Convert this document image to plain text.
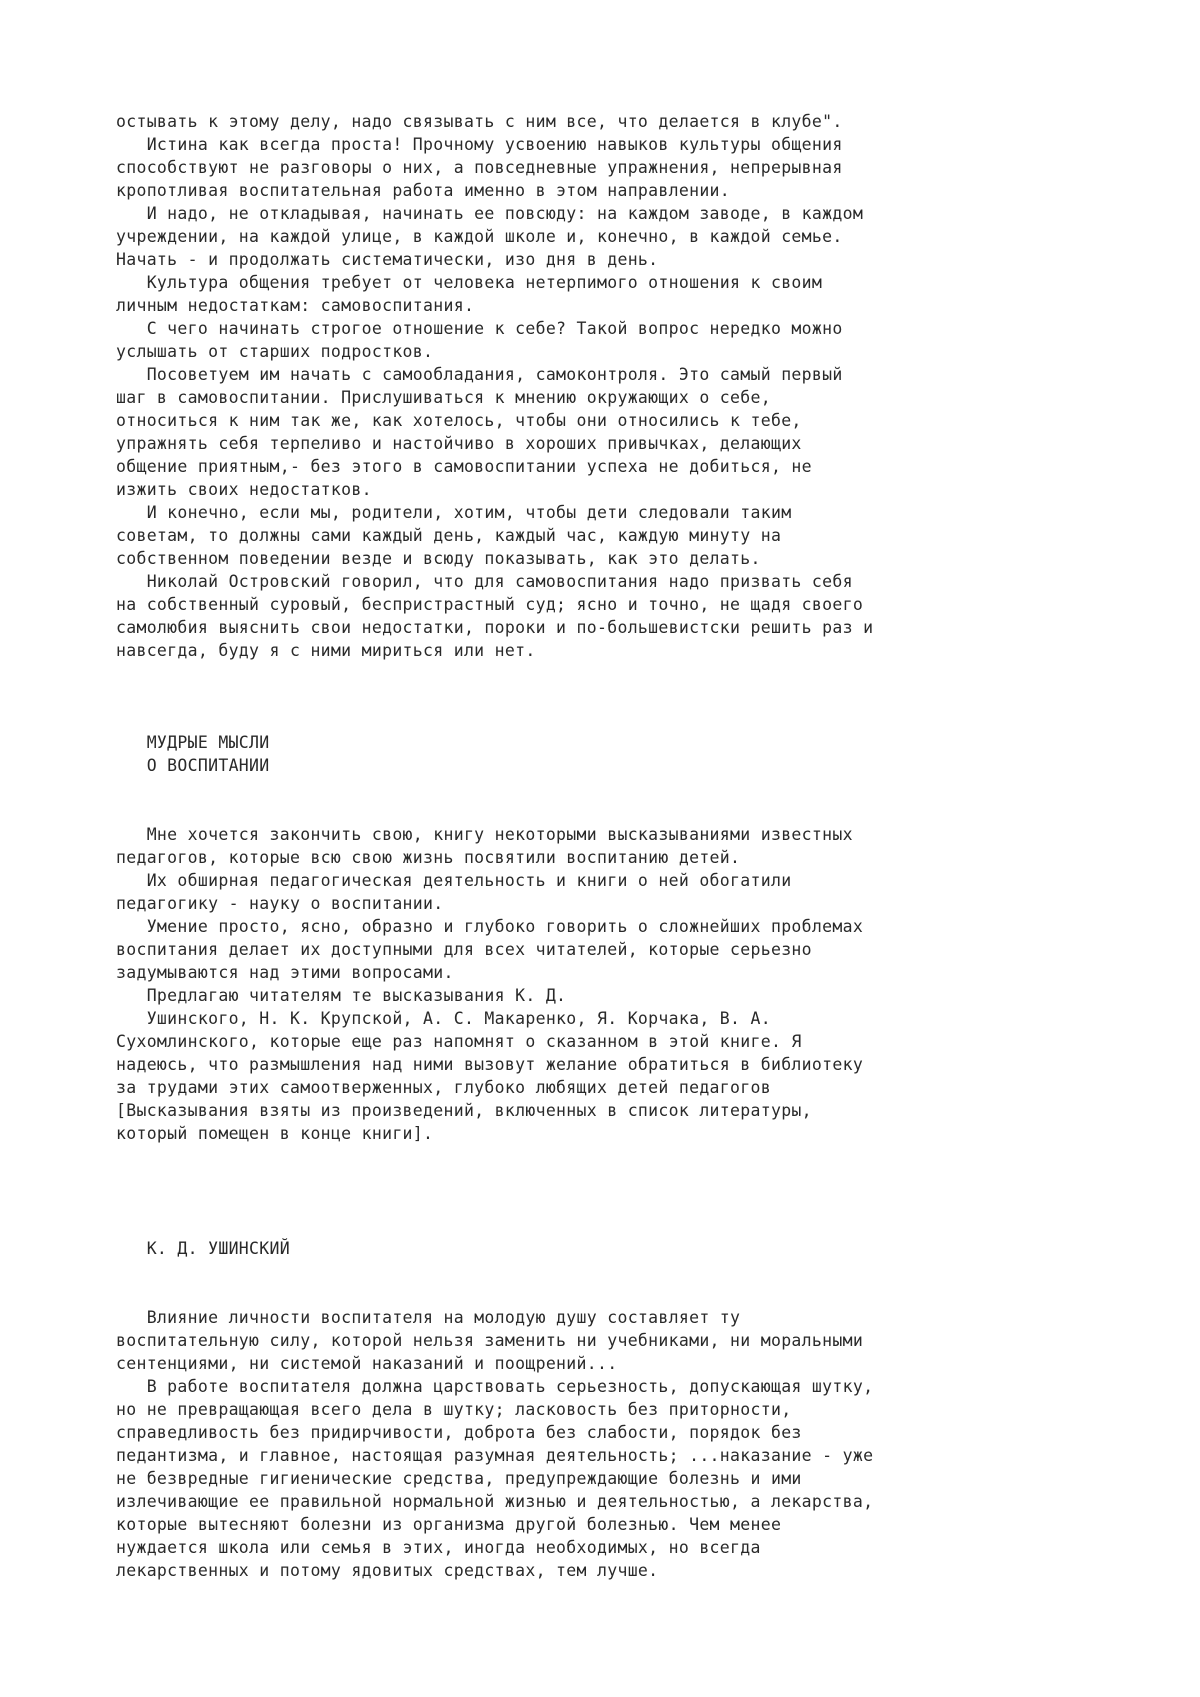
остывать к этому делу, надо связывать с ним все, что делается в клубе".
Истина как всегда проста! Прочному усвоению навыков культуры общения
способствуют не разговоры о них, а повседневные упражнения, непрерывная
кропотливая воспитательная работа именно в этом направлении.
И надо, не откладывая, начинать ее повсюду: на каждом заводе, в каждом
учреждении, на каждой улице, в каждой школе и, конечно, в каждой семье.
Начать - и продолжать систематически, изо дня в день.
Культура общения требует от человека нетерпимого отношения к своим
личным недостаткам: самовоспитания.
С чего начинать строгое отношение к себе? Такой вопрос нередко можно
услышать от старших подростков.
Посоветуем им начать с самообладания, самоконтроля. Это самый первый
шаг в самовоспитании. Прислушиваться к мнению окружающих о себе,
относиться к ним так же, как хотелось, чтобы они относились к тебе,
упражнять себя терпеливо и настойчиво в хороших привычках, делающих
общение приятным,- без этого в самовоспитании успеха не добиться, не
изжить своих недостатков.
И конечно, если мы, родители, хотим, чтобы дети следовали таким
советам, то должны сами каждый день, каждый час, каждую минуту на
собственном поведении везде и всюду показывать, как это делать.
Николай Островский говорил, что для самовоспитания надо призвать себя
на собственный суровый, беспристрастный суд; ясно и точно, не щадя своего
самолюбия выяснить свои недостатки, пороки и по-большевистски решить раз и
навсегда, буду я с ними мириться или нет.
МУДРЫЕ МЫСЛИ
О ВОСПИТАНИИ
Мне хочется закончить свою, книгу некоторыми высказываниями известных
педагогов, которые всю свою жизнь посвятили воспитанию детей.
Их обширная педагогическая деятельность и книги о ней обогатили
педагогику - науку о воспитании.
Умение просто, ясно, образно и глубоко говорить о сложнейших проблемах
воспитания делает их доступными для всех читателей, которые серьезно
задумываются над этими вопросами.
Предлагаю читателям те высказывания К. Д.
Ушинского, Н. К. Крупской, А. С. Макаренко, Я. Корчака, В. А.
Сухомлинского, которые еще раз напомнят о сказанном в этой книге. Я
надеюсь, что размышления над ними вызовут желание обратиться в библиотеку
за трудами этих самоотверженных, глубоко любящих детей педагогов
[Высказывания взяты из произведений, включенных в список литературы,
который помещен в конце книги].
К. Д. УШИНСКИЙ
Влияние личности воспитателя на молодую душу составляет ту
воспитательную силу, которой нельзя заменить ни учебниками, ни моральными
сентенциями, ни системой наказаний и поощрений...
В работе воспитателя должна царствовать серьезность, допускающая шутку,
но не превращающая всего дела в шутку; ласковость без приторности,
справедливость без придирчивости, доброта без слабости, порядок без
педантизма, и главное, настоящая разумная деятельность; ...наказание - уже
не безвредные гигиенические средства, предупреждающие болезнь и ими
излечивающие ее правильной нормальной жизнью и деятельностью, а лекарства,
которые вытесняют болезни из организма другой болезнью. Чем менее
нуждается школа или семья в этих, иногда необходимых, но всегда
лекарственных и потому ядовитых средствах, тем лучше.
